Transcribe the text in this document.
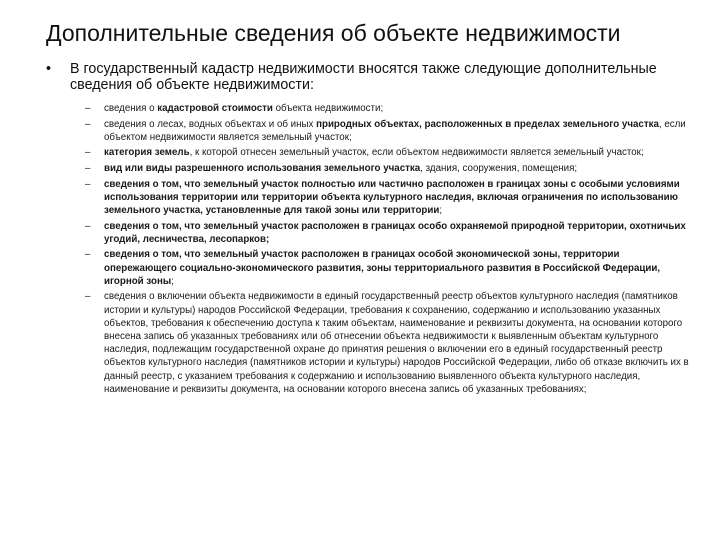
Дополнительные сведения об объекте недвижимости
•	В государственный кадастр недвижимости вносятся также следующие дополнительные сведения об объекте недвижимости:
– сведения о кадастровой стоимости объекта недвижимости;
– сведения о лесах, водных объектах и об иных природных объектах, расположенных в пределах земельного участка, если объектом недвижимости является земельный участок;
– категория земель, к которой отнесен земельный участок, если объектом недвижимости является земельный участок;
– вид или виды разрешенного использования земельного участка, здания, сооружения, помещения;
– сведения о том, что земельный участок полностью или частично расположен в границах зоны с особыми условиями использования территории или территории объекта культурного наследия, включая ограничения по использованию земельного участка, установленные для такой зоны или территории;
– сведения о том, что земельный участок расположен в границах особо охраняемой природной территории, охотничьих угодий, лесничества, лесопарков;
– сведения о том, что земельный участок расположен в границах особой экономической зоны, территории опережающего социально-экономического развития, зоны территориального развития в Российской Федерации, игорной зоны;
– сведения о включении объекта недвижимости в единый государственный реестр объектов культурного наследия (памятников истории и культуры) народов Российской Федерации, требования к сохранению, содержанию и использованию указанных объектов, требования к обеспечению доступа к таким объектам, наименование и реквизиты документа, на основании которого внесена запись об указанных требованиях или об отнесении объекта недвижимости к выявленным объектам культурного наследия, подлежащим государственной охране до принятия решения о включении его в единый государственный реестр объектов культурного наследия (памятников истории и культуры) народов Российской Федерации, либо об отказе включить их в данный реестр, с указанием требования к содержанию и использованию выявленного объекта культурного наследия, наименование и реквизиты документа, на основании которого внесена запись об указанных требованиях;
